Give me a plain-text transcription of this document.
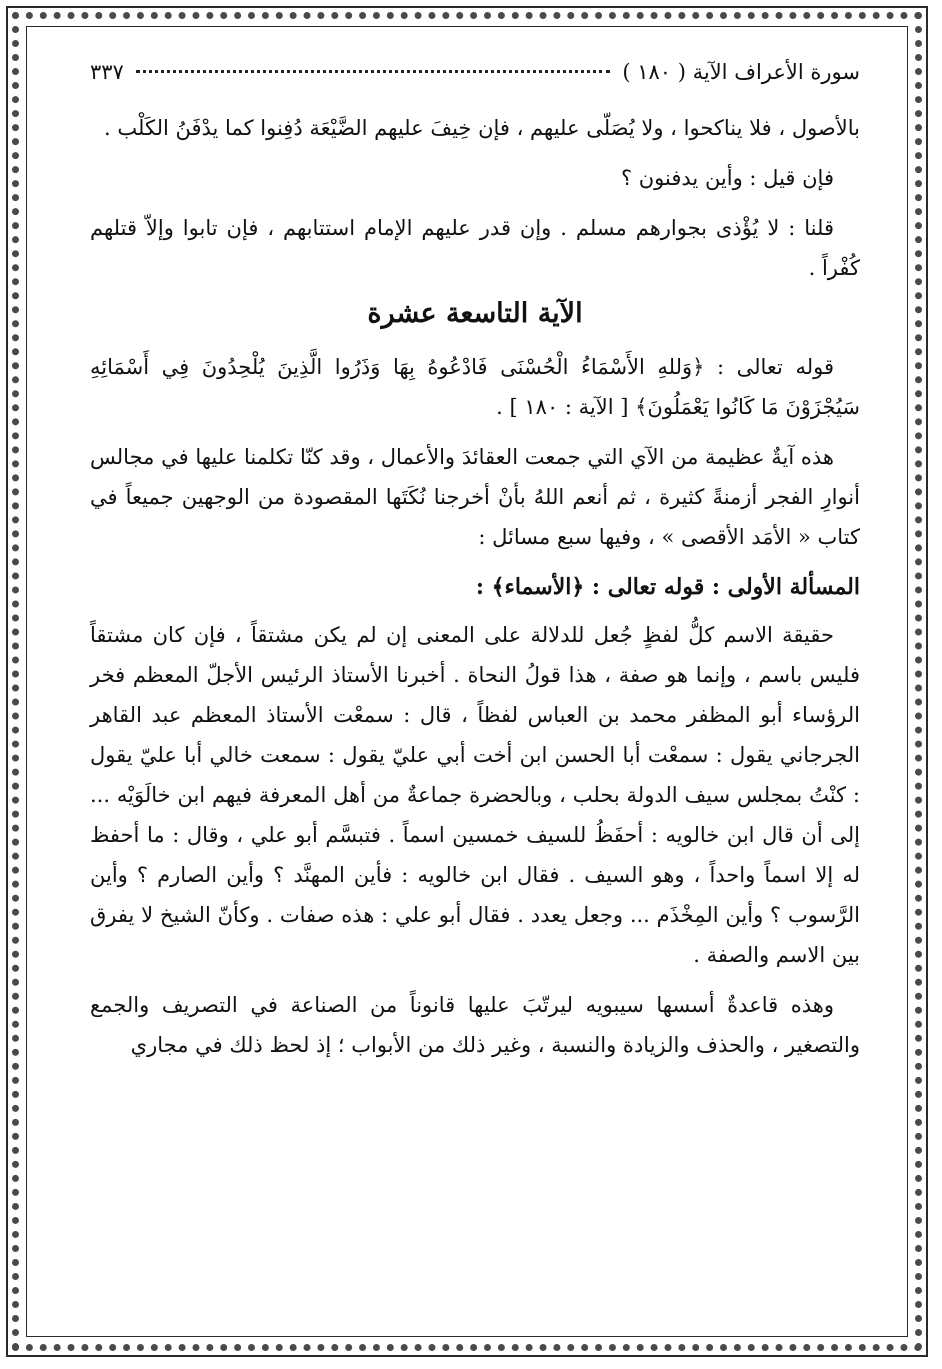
سورة الأعراف الآية ( ١٨٠ )
٣٣٧

بالأصول ، فلا يناكحوا ، ولا يُصَلّى عليهم ، فإن خِيفَ عليهم الضَّيْعَة دُفِنوا كما يدْفَنُ الكَلْب .

فإن قيل : وأين يدفنون ؟

قلنا : لا يُؤْذى بجوارهم مسلم . وإن قدر عليهم الإمام استتابهم ، فإن تابوا وإلاّ قتلهم كُفْراً .

الآية التاسعة عشرة

قوله تعالى : ﴿وَللهِ الأَسْمَاءُ الْحُسْنَى فَادْعُوهُ بِهَا وَذَرُوا الَّذِينَ يُلْحِدُونَ فِي أَسْمَائِهِ سَيُجْزَوْنَ مَا كَانُوا يَعْمَلُونَ﴾ [ الآية : ١٨٠ ] .

هذه آيةٌ عظيمة من الآي التي جمعت العقائدَ والأعمال ، وقد كنّا تكلمنا عليها في مجالس أنوارِ الفجر أزمنةً كثيرة ، ثم أنعم اللهُ بأنْ أخرجنا نُكَتَها المقصودة من الوجهين جميعاً في كتاب « الأمَد الأقصى » ، وفيها سبع مسائل :

المسألة الأولى : قوله تعالى : ﴿الأسماء﴾ :

حقيقة الاسم كلُّ لفظٍ جُعل للدلالة على المعنى إن لم يكن مشتقاً ، فإن كان مشتقاً فليس باسم ، وإنما هو صفة ، هذا قولُ النحاة . أخبرنا الأستاذ الرئيس الأجلّ المعظم فخر الرؤساء أبو المظفر محمد بن العباس لفظاً ، قال : سمعْت الأستاذ المعظم عبد القاهر الجرجاني يقول : سمعْت أبا الحسن ابن أخت أبي عليّ يقول : سمعت خالي أبا عليّ يقول : كنْتُ بمجلس سيف الدولة بحلب ، وبالحضرة جماعةٌ من أهل المعرفة فيهم ابن خالَوَيْه ... إلى أن قال ابن خالويه : أحفَظُ للسيف خمسين اسماً . فتبسَّم أبو علي ، وقال : ما أحفظ له إلا اسماً واحداً ، وهو السيف . فقال ابن خالويه : فأين المهنَّد ؟ وأين الصارم ؟ وأين الرَّسوب ؟ وأين المِخْذَم ... وجعل يعدد . فقال أبو علي : هذه صفات . وكأنّ الشيخ لا يفرق بين الاسم والصفة .

وهذه قاعدةٌ أسسها سيبويه ليرتّبَ عليها قانوناً من الصناعة في التصريف والجمع والتصغير ، والحذف والزيادة والنسبة ، وغير ذلك من الأبواب ؛ إذ لحظ ذلك في مجاري
